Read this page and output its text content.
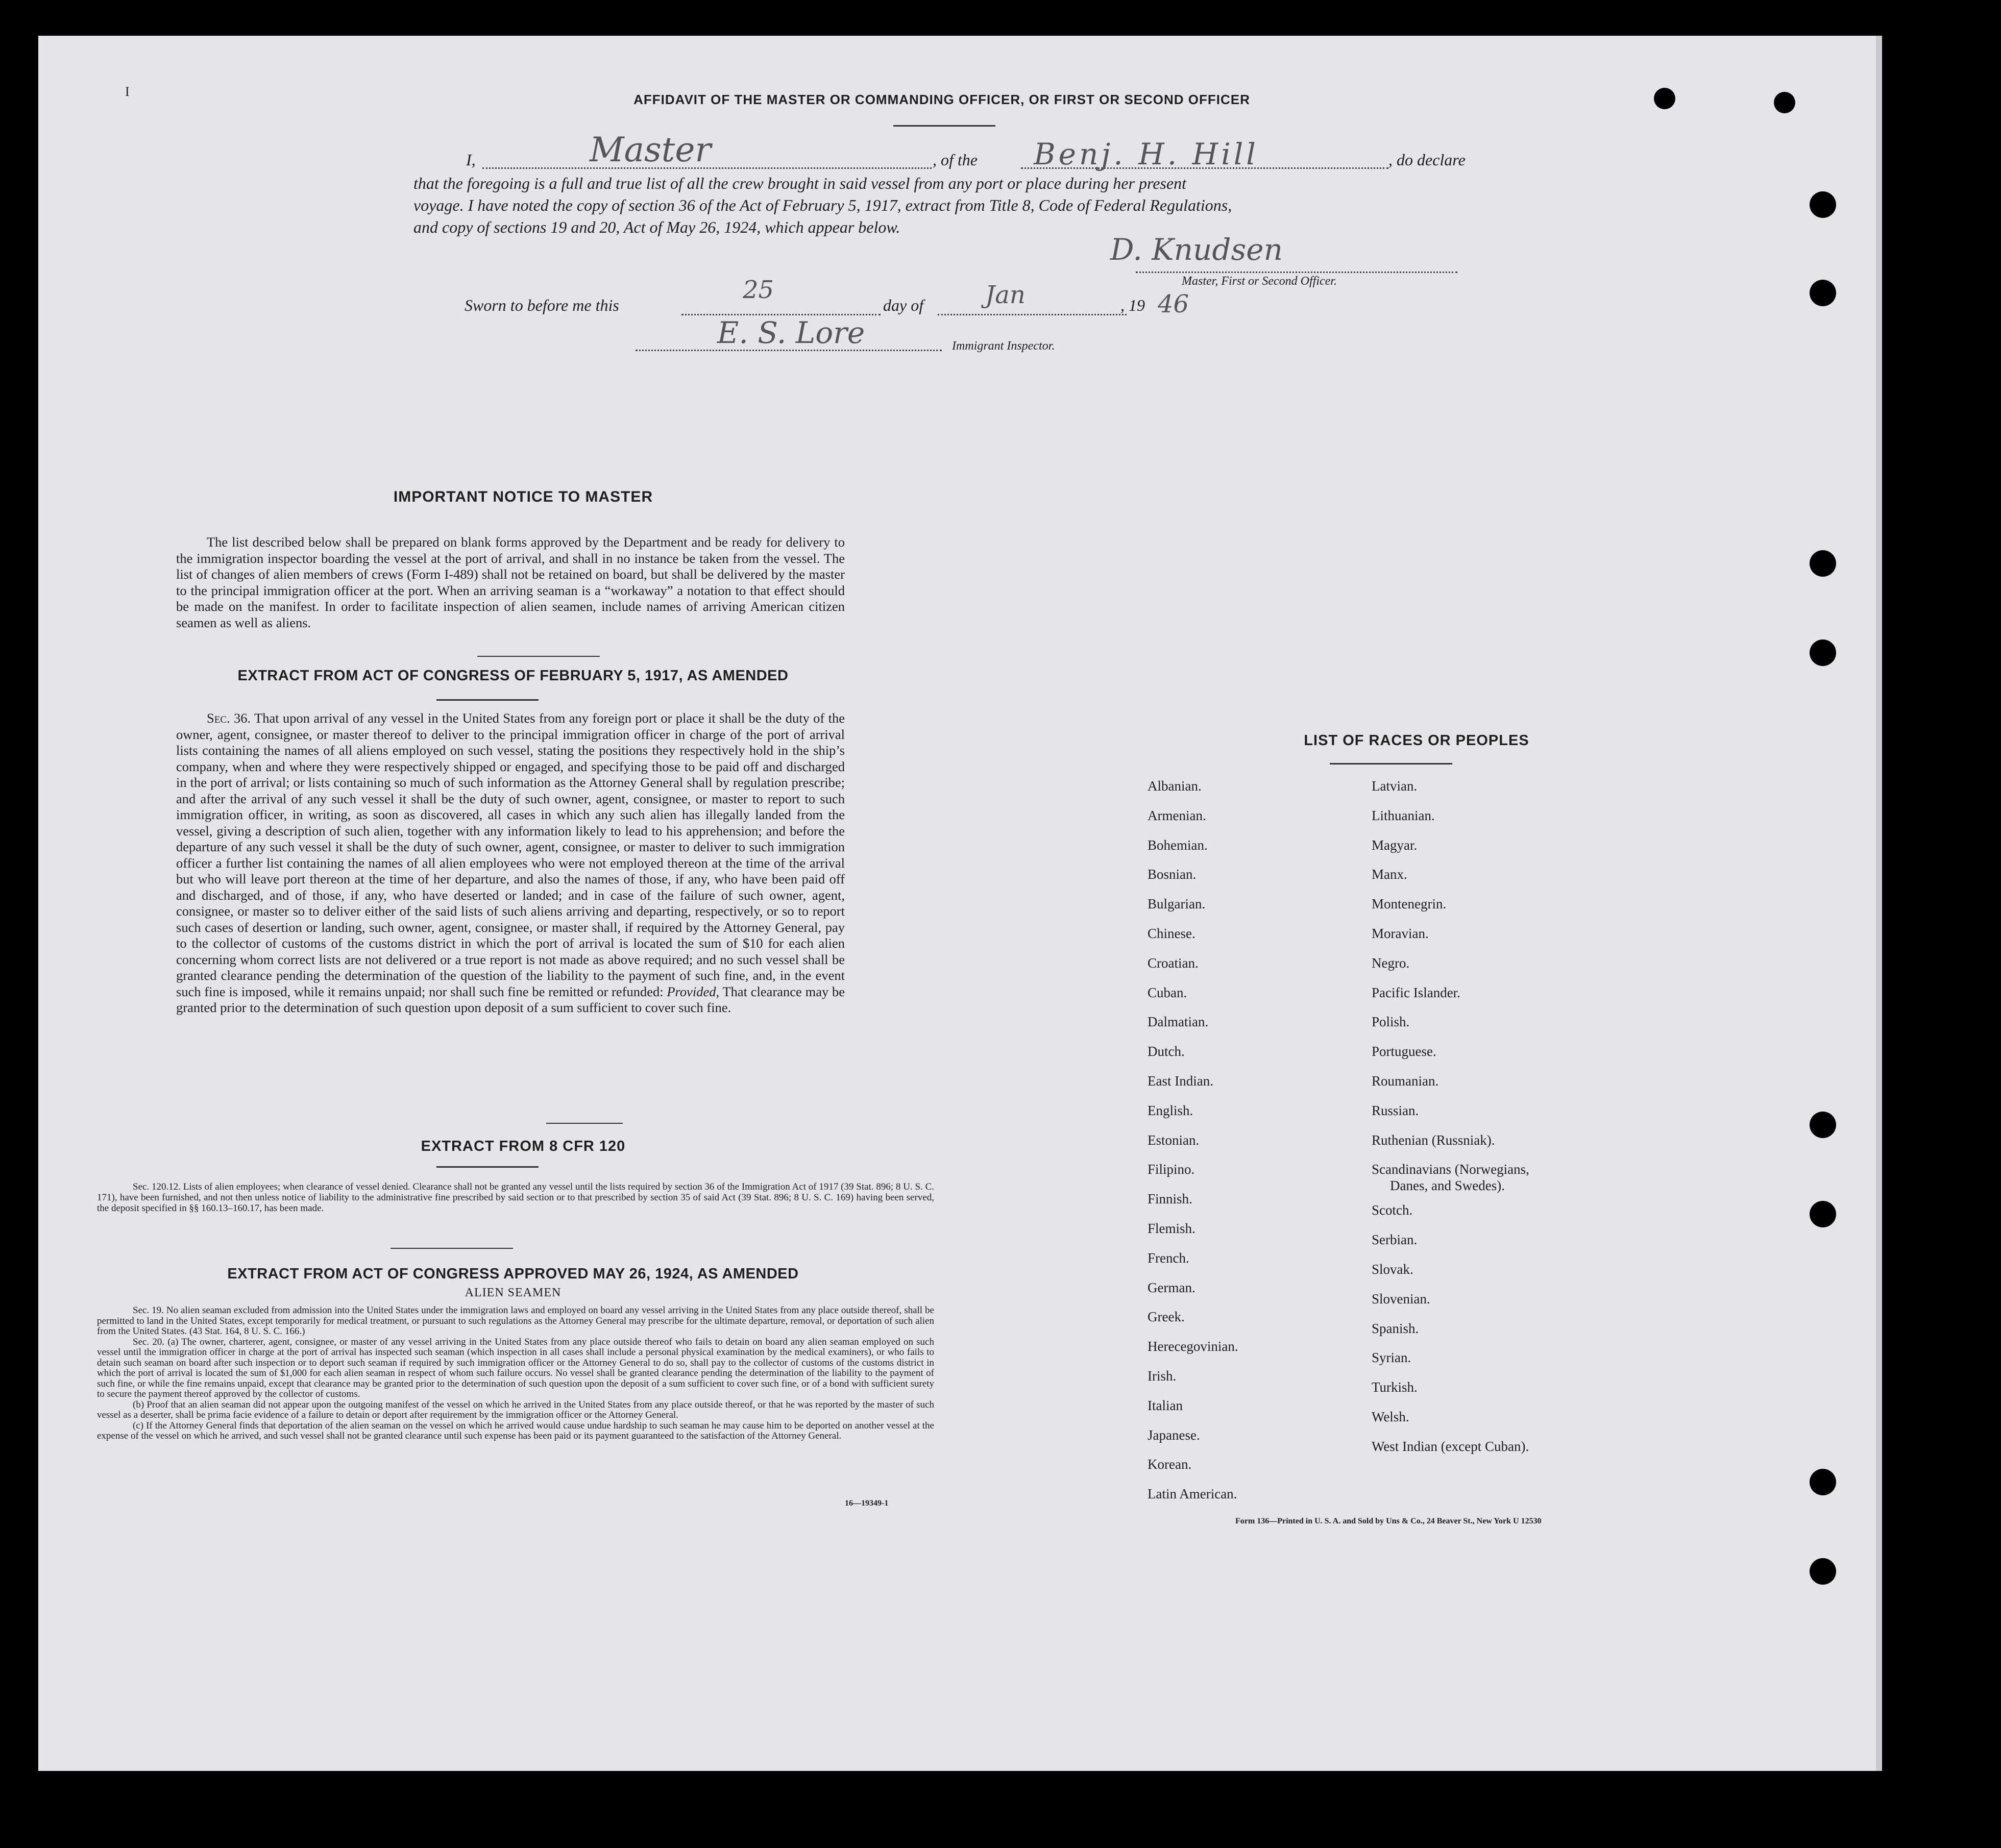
I
AFFIDAVIT OF THE MASTER OR COMMANDING OFFICER, OR FIRST OR SECOND OFFICER
I,	Master	, of the Benj. H. Hill	, do declare
that the foregoing is a full and true list of all the crew brought in said vessel from any port or place during her present
voyage. I have noted the copy of section 36 of the Act of February 5, 1917, extract from Title 8, Code of Federal Regulations,
and copy of sections 19 and 20, Act of May 26, 1924, which appear below.
D. Knudsen
Master, First or Second Officer.
Sworn to before me this
25
day of	Jan	, 19 46
E. S. Lore	Immigrant Inspector.
IMPORTANT NOTICE TO MASTER
The list described below shall be prepared on blank forms approved by the Department and be ready for delivery to the immigration inspector boarding the vessel at the port of arrival, and shall in no instance be taken from the vessel. The list of changes of alien members of crews (Form I-489) shall not be retained on board, but shall be delivered by the master to the principal immigration officer at the port. When an arriving seaman is a “workaway” a notation to that effect should be made on the manifest. In order to facilitate inspection of alien seamen, include names of arriving American citizen seamen as well as aliens.
EXTRACT FROM ACT OF CONGRESS OF FEBRUARY 5, 1917, AS AMENDED
Sec. 36. That upon arrival of any vessel in the United States from any foreign port or place it shall be the duty of the owner, agent, consignee, or master thereof to deliver to the principal immigration officer in charge of the port of arrival lists containing the names of all aliens employed on such vessel, stating the positions they respectively hold in the ship’s company, when and where they were respectively shipped or engaged, and specifying those to be paid off and discharged in the port of arrival; or lists containing so much of such information as the Attorney General shall by regulation prescribe; and after the arrival of any such vessel it shall be the duty of such owner, agent, consignee, or master to report to such immigration officer, in writing, as soon as discovered, all cases in which any such alien has illegally landed from the vessel, giving a description of such alien, together with any information likely to lead to his apprehension; and before the departure of any such vessel it shall be the duty of such owner, agent, consignee, or master to deliver to such immigration officer a further list containing the names of all alien employees who were not employed thereon at the time of the arrival but who will leave port thereon at the time of her departure, and also the names of those, if any, who have been paid off and discharged, and of those, if any, who have deserted or landed; and in case of the failure of such owner, agent, consignee, or master so to deliver either of the said lists of such aliens arriving and departing, respectively, or so to report such cases of desertion or landing, such owner, agent, consignee, or master shall, if required by the Attorney General, pay to the collector of customs of the customs district in which the port of arrival is located the sum of $10 for each alien concerning whom correct lists are not delivered or a true report is not made as above required; and no such vessel shall be granted clearance pending the determination of the question of the liability to the payment of such fine, and, in the event such fine is imposed, while it remains unpaid; nor shall such fine be remitted or refunded: Provided, That clearance may be granted prior to the determination of such question upon deposit of a sum sufficient to cover such fine.
EXTRACT FROM 8 CFR 120
Sec. 120.12. Lists of alien employees; when clearance of vessel denied. Clearance shall not be granted any vessel until the lists required by section 36 of the Immigration Act of 1917 (39 Stat. 896; 8 U. S. C. 171), have been furnished, and not then unless notice of liability to the administrative fine prescribed by said section or to that prescribed by section 35 of said Act (39 Stat. 896; 8 U. S. C. 169) having been served, the deposit specified in §§ 160.13–160.17, has been made.
EXTRACT FROM ACT OF CONGRESS APPROVED MAY 26, 1924, AS AMENDED
ALIEN SEAMEN
Sec. 19. No alien seaman excluded from admission into the United States under the immigration laws and employed on board any vessel arriving in the United States from any place outside thereof, shall be permitted to land in the United States, except temporarily for medical treatment, or pursuant to such regulations as the Attorney General may prescribe for the ultimate departure, removal, or deportation of such alien from the United States. (43 Stat. 164, 8 U. S. C. 166.)
Sec. 20. (a) The owner, charterer, agent, consignee, or master of any vessel arriving in the United States from any place outside thereof who fails to detain on board any alien seaman employed on such vessel until the immigration officer in charge at the port of arrival has inspected such seaman (which inspection in all cases shall include a personal physical examination by the medical examiners), or who fails to detain such seaman on board after such inspection or to deport such seaman if required by such immigration officer or the Attorney General to do so, shall pay to the collector of customs of the customs district in which the port of arrival is located the sum of $1,000 for each alien seaman in respect of whom such failure occurs. No vessel shall be granted clearance pending the determination of the liability to the payment of such fine, or while the fine remains unpaid, except that clearance may be granted prior to the determination of such question upon the deposit of a sum sufficient to cover such fine, or of a bond with sufficient surety to secure the payment thereof approved by the collector of customs.
(b) Proof that an alien seaman did not appear upon the outgoing manifest of the vessel on which he arrived in the United States from any place outside thereof, or that he was reported by the master of such vessel as a deserter, shall be prima facie evidence of a failure to detain or deport after requirement by the immigration officer or the Attorney General.
(c) If the Attorney General finds that deportation of the alien seaman on the vessel on which he arrived would cause undue hardship to such seaman he may cause him to be deported on another vessel at the expense of the vessel on which he arrived, and such vessel shall not be granted clearance until such expense has been paid or its payment guaranteed to the satisfaction of the Attorney General.
16—19349-1
LIST OF RACES OR PEOPLES
Albanian.
Armenian.
Bohemian.
Bosnian.
Bulgarian.
Chinese.
Croatian.
Cuban.
Dalmatian.
Dutch.
East Indian.
English.
Estonian.
Filipino.
Finnish.
Flemish.
French.
German.
Greek.
Herecegovinian.
Irish.
Italian
Japanese.
Korean.
Latin American.
Latvian.
Lithuanian.
Magyar.
Manx.
Montenegrin.
Moravian.
Negro.
Pacific Islander.
Polish.
Portuguese.
Roumanian.
Russian.
Ruthenian (Russniak).
Scandinavians (Norwegians,
Danes, and Swedes).
Scotch.
Serbian.
Slovak.
Slovenian.
Spanish.
Syrian.
Turkish.
Welsh.
West Indian (except Cuban).
Form 136—Printed in U. S. A. and Sold by Uns & Co., 24 Beaver St., New York U 12530
